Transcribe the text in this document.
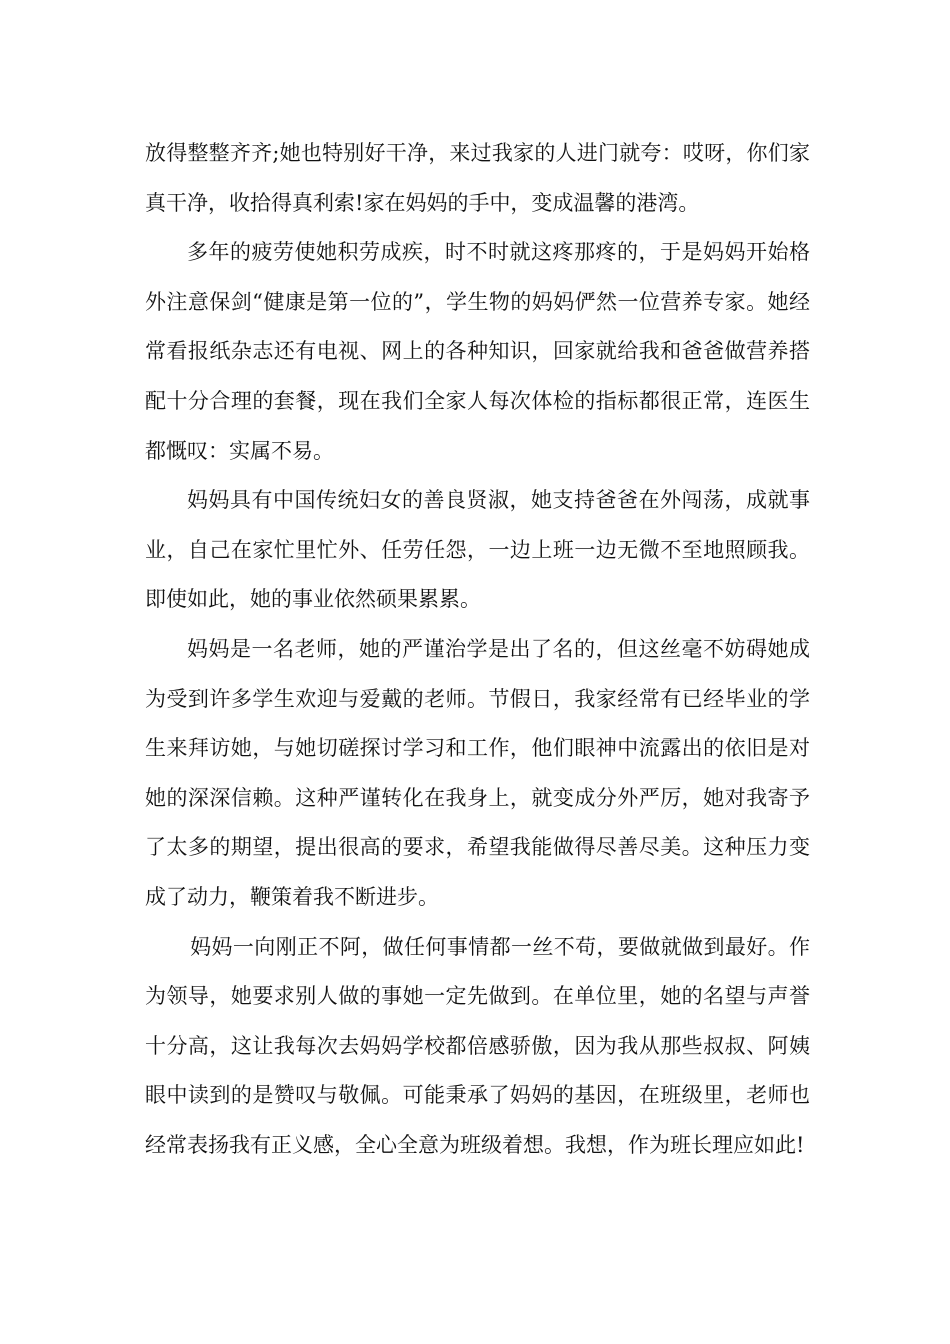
放得整整齐齐;她也特别好干净，来过我家的人进门就夸：哎呀，你们家真干净，收拾得真利索!家在妈妈的手中，变成温馨的港湾。

多年的疲劳使她积劳成疾，时不时就这疼那疼的，于是妈妈开始格外注意保剑“健康是第一位的”，学生物的妈妈俨然一位营养专家。她经常看报纸杂志还有电视、网上的各种知识，回家就给我和爸爸做营养搭配十分合理的套餐，现在我们全家人每次体检的指标都很正常，连医生都慨叹：实属不易。

妈妈具有中国传统妇女的善良贤淑，她支持爸爸在外闯荡，成就事业，自己在家忙里忙外、任劳任怨，一边上班一边无微不至地照顾我。即使如此，她的事业依然硕果累累。

妈妈是一名老师，她的严谨治学是出了名的，但这丝毫不妨碍她成为受到许多学生欢迎与爱戴的老师。节假日，我家经常有已经毕业的学生来拜访她，与她切磋探讨学习和工作，他们眼神中流露出的依旧是对她的深深信赖。这种严谨转化在我身上，就变成分外严厉，她对我寄予了太多的期望，提出很高的要求，希望我能做得尽善尽美。这种压力变成了动力，鞭策着我不断进步。

妈妈一向刚正不阿，做任何事情都一丝不苟，要做就做到最好。作为领导，她要求别人做的事她一定先做到。在单位里，她的名望与声誉十分高，这让我每次去妈妈学校都倍感骄傲，因为我从那些叔叔、阿姨眼中读到的是赞叹与敬佩。可能秉承了妈妈的基因，在班级里，老师也经常表扬我有正义感，全心全意为班级着想。我想，作为班长理应如此!
